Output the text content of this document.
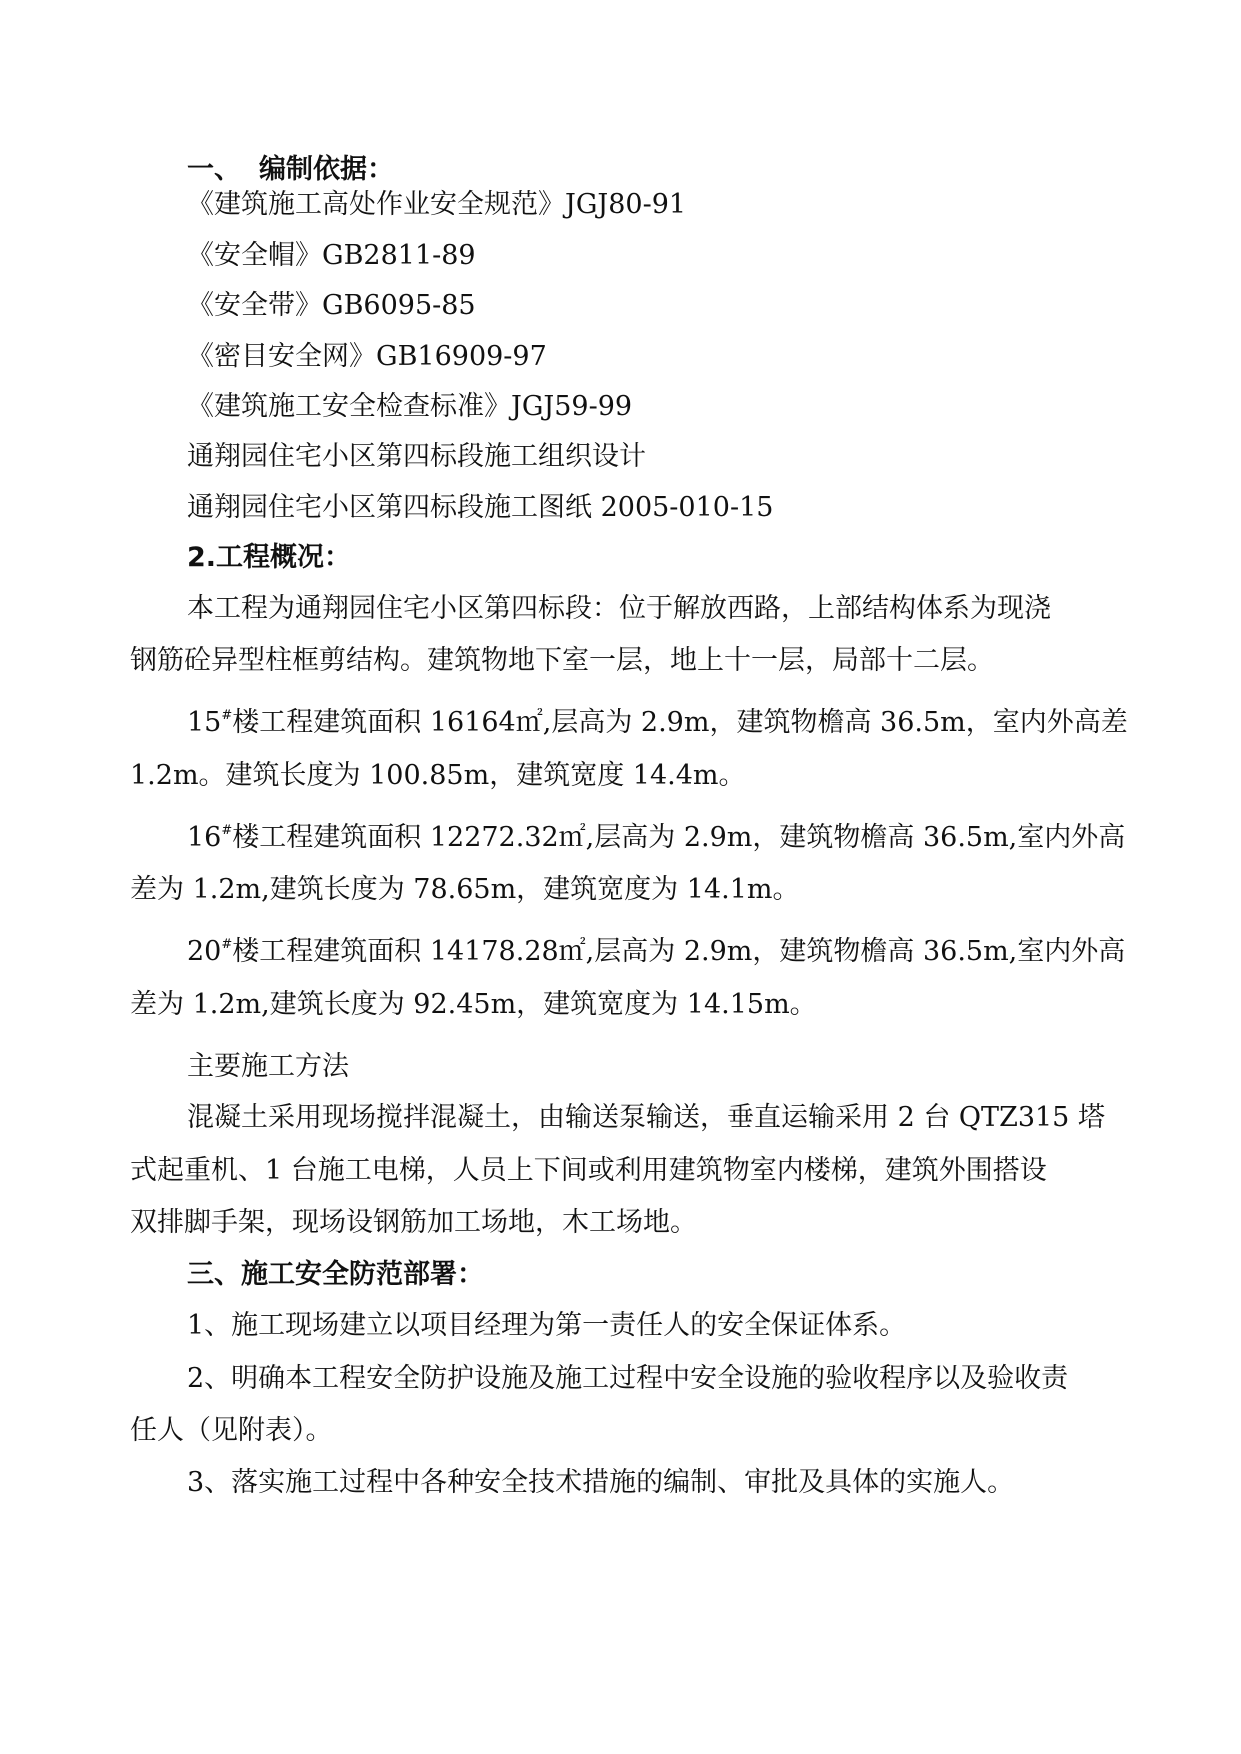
一、 编制依据：
《建筑施工高处作业安全规范》JGJ80-91
《安全帽》GB2811-89
《安全带》GB6095-85
《密目安全网》GB16909-97
《建筑施工安全检查标准》JGJ59-99
通翔园住宅小区第四标段施工组织设计
通翔园住宅小区第四标段施工图纸 2005-010-15
2.工程概况：
本工程为通翔园住宅小区第四标段：位于解放西路，上部结构体系为现浇
钢筋砼异型柱框剪结构。建筑物地下室一层，地上十一层，局部十二层。
15#楼工程建筑面积 16164㎡,层高为 2.9m，建筑物檐高 36.5m，室内外高差
1.2m。建筑长度为 100.85m，建筑宽度 14.4m。
16#楼工程建筑面积 12272.32㎡,层高为 2.9m，建筑物檐高 36.5m,室内外高
差为 1.2m,建筑长度为 78.65m，建筑宽度为 14.1m。
20#楼工程建筑面积 14178.28㎡,层高为 2.9m，建筑物檐高 36.5m,室内外高
差为 1.2m,建筑长度为 92.45m，建筑宽度为 14.15m。
主要施工方法
混凝土采用现场搅拌混凝土，由输送泵输送，垂直运输采用 2 台 QTZ315 塔
式起重机、1 台施工电梯，人员上下间或利用建筑物室内楼梯，建筑外围搭设
双排脚手架，现场设钢筋加工场地，木工场地。
三、施工安全防范部署：
1、施工现场建立以项目经理为第一责任人的安全保证体系。
2、明确本工程安全防护设施及施工过程中安全设施的验收程序以及验收责
任人（见附表）。
3、落实施工过程中各种安全技术措施的编制、审批及具体的实施人。
